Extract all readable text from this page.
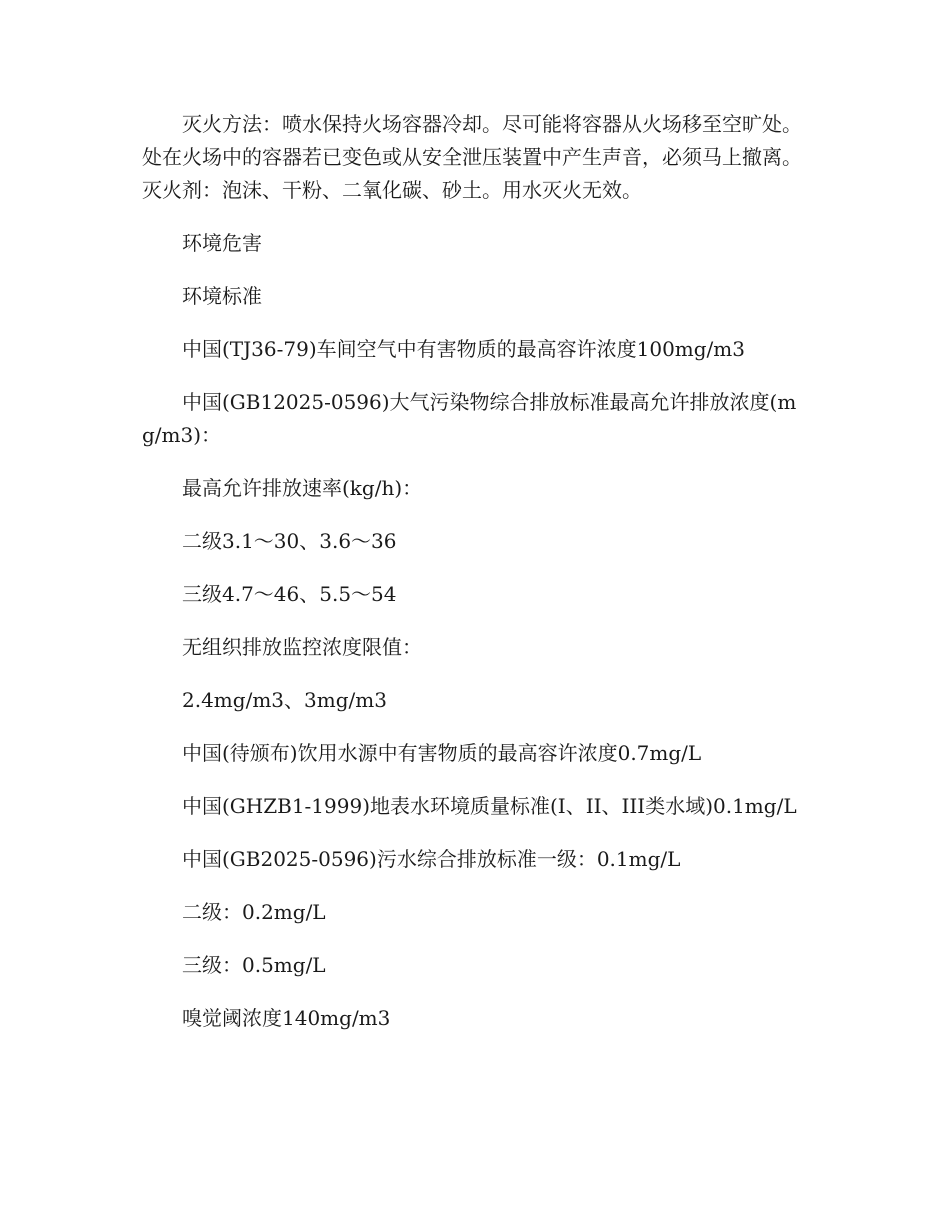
灭火方法：喷水保持火场容器冷却。尽可能将容器从火场移至空旷处。处在火场中的容器若已变色或从安全泄压装置中产生声音，必须马上撤离。灭火剂：泡沫、干粉、二氧化碳、砂土。用水灭火无效。

环境危害

环境标准

中国(TJ36-79)车间空气中有害物质的最高容许浓度100mg/m3

中国(GB12025-0596)大气污染物综合排放标准最高允许排放浓度(mg/m3)：

最高允许排放速率(kg/h)：

二级3.1～30、3.6～36

三级4.7～46、5.5～54

无组织排放监控浓度限值：

2.4mg/m3、3mg/m3

中国(待颁布)饮用水源中有害物质的最高容许浓度0.7mg/L

中国(GHZB1-1999)地表水环境质量标准(I、II、III类水域)0.1mg/L

中国(GB2025-0596)污水综合排放标准一级：0.1mg/L

二级：0.2mg/L

三级：0.5mg/L

嗅觉阈浓度140mg/m3
